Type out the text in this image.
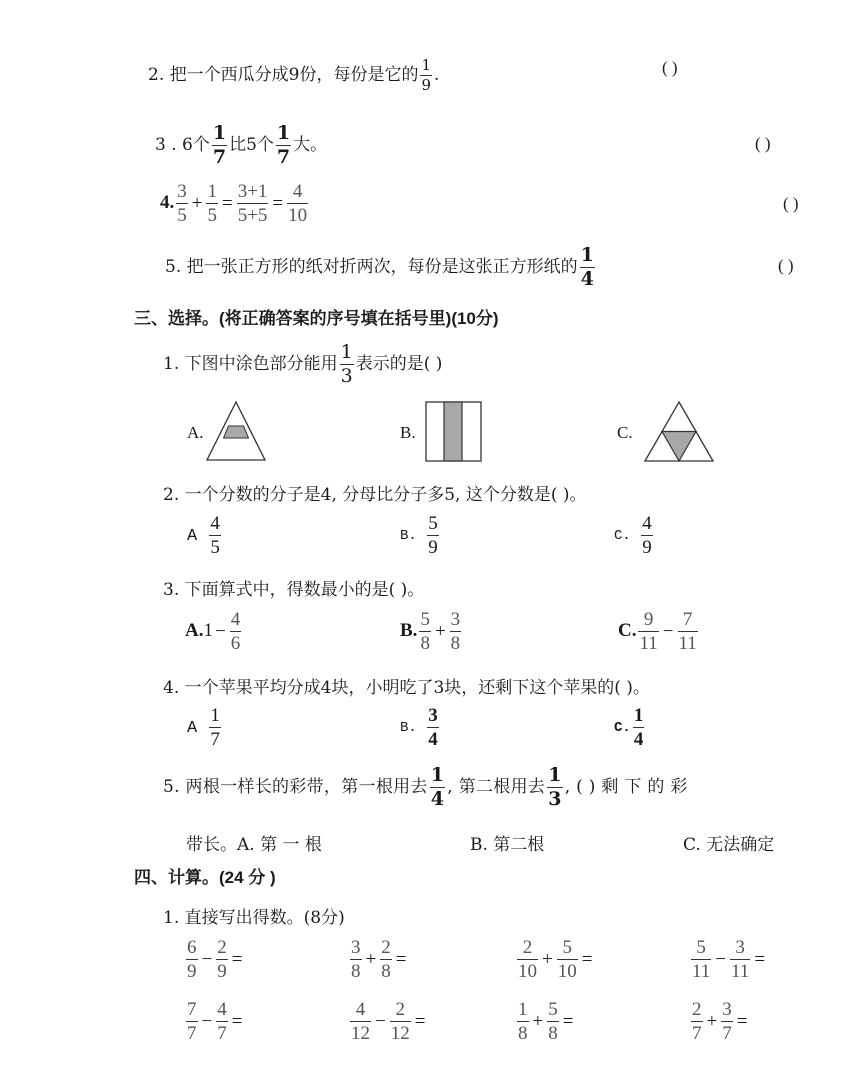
2. 把一个西瓜分成9份，每份是它的 $\frac{1}{9}$ .	( )
3 . 6个 $\frac{1}{7}$ 比5个 $\frac{1}{7}$ 大。	( )
4. $\frac{3}{5} + \frac{1}{5} = \frac{3+1}{5+5} = \frac{4}{10}$	( )
5. 把一张正方形的纸对折两次，每份是这张正方形纸的 $\frac{1}{4}$	( )
三、选择。(将正确答案的序号填在括号里)(10分)
1. 下图中涂色部分能用 $\frac{1}{3}$ 表示的是( )
A.	B.	C.
2. 一个分数的分子是4, 分母比分子多5, 这个分数是( )。
A $\frac{4}{5}$	B. $\frac{5}{9}$	C. $\frac{4}{9}$
3. 下面算式中，得数最小的是( )。
$A.1 - \frac{4}{6}$	B. $\frac{5}{8} + \frac{3}{8}$	C. $\frac{9}{11} - \frac{7}{11}$
4. 一个苹果平均分成4块，小明吃了3块，还剩下这个苹果的( )。
A $\frac{1}{7}$	B. $\frac{3}{4}$	C. $\frac{1}{4}$
5. 两根一样长的彩带，第一根用去 $\frac{1}{4}$ , 第二根用去 $\frac{1}{3}$ , ( ) 剩 下 的 彩
带长。A. 第 一 根	B. 第二根	C. 无法确定
四、计算。(24 分 )
1. 直接写出得数。(8分)
$\frac{6}{9} - \frac{2}{9}$ =	$\frac{3}{8} + \frac{2}{8}$ =	$\frac{2}{10} + \frac{5}{10}$ =	$\frac{5}{11} - \frac{3}{11}$ =
$\frac{7}{7} - \frac{4}{7}$ =	$\frac{4}{12} - \frac{2}{12}$ =	$\frac{1}{8} + \frac{5}{8}$ =	$\frac{2}{7} + \frac{3}{7}$ =
